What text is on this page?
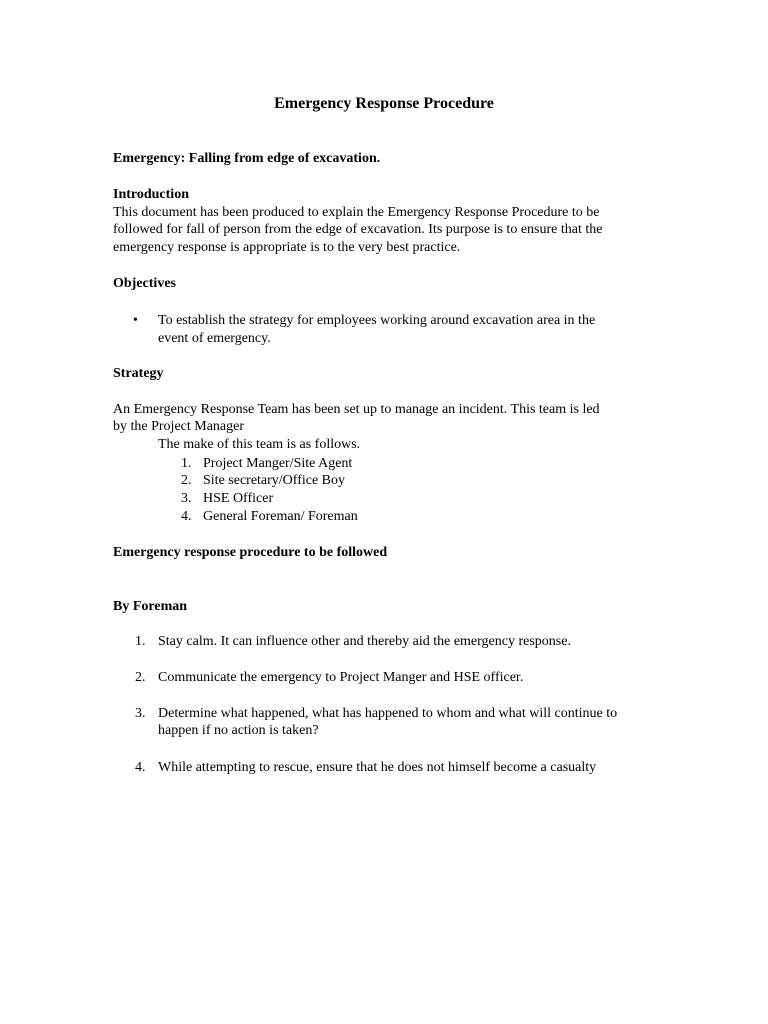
Emergency Response Procedure
Emergency: Falling from edge of excavation.
Introduction
This document has been produced to explain the Emergency Response Procedure to be
followed for fall of person from the edge of excavation. Its purpose is to ensure that the
emergency response is appropriate is to the very best practice.
Objectives
• To establish the strategy for employees working around excavation area in the
event of emergency.
Strategy
An Emergency Response Team has been set up to manage an incident. This team is led
by the Project Manager
The make of this team is as follows.
1. Project Manger/Site Agent
2. Site secretary/Office Boy
3. HSE Officer
4. General Foreman/ Foreman
Emergency response procedure to be followed
By Foreman
1. Stay calm. It can influence other and thereby aid the emergency response.
2. Communicate the emergency to Project Manger and HSE officer.
3. Determine what happened, what has happened to whom and what will continue to
happen if no action is taken?
4. While attempting to rescue, ensure that he does not himself become a casualty
